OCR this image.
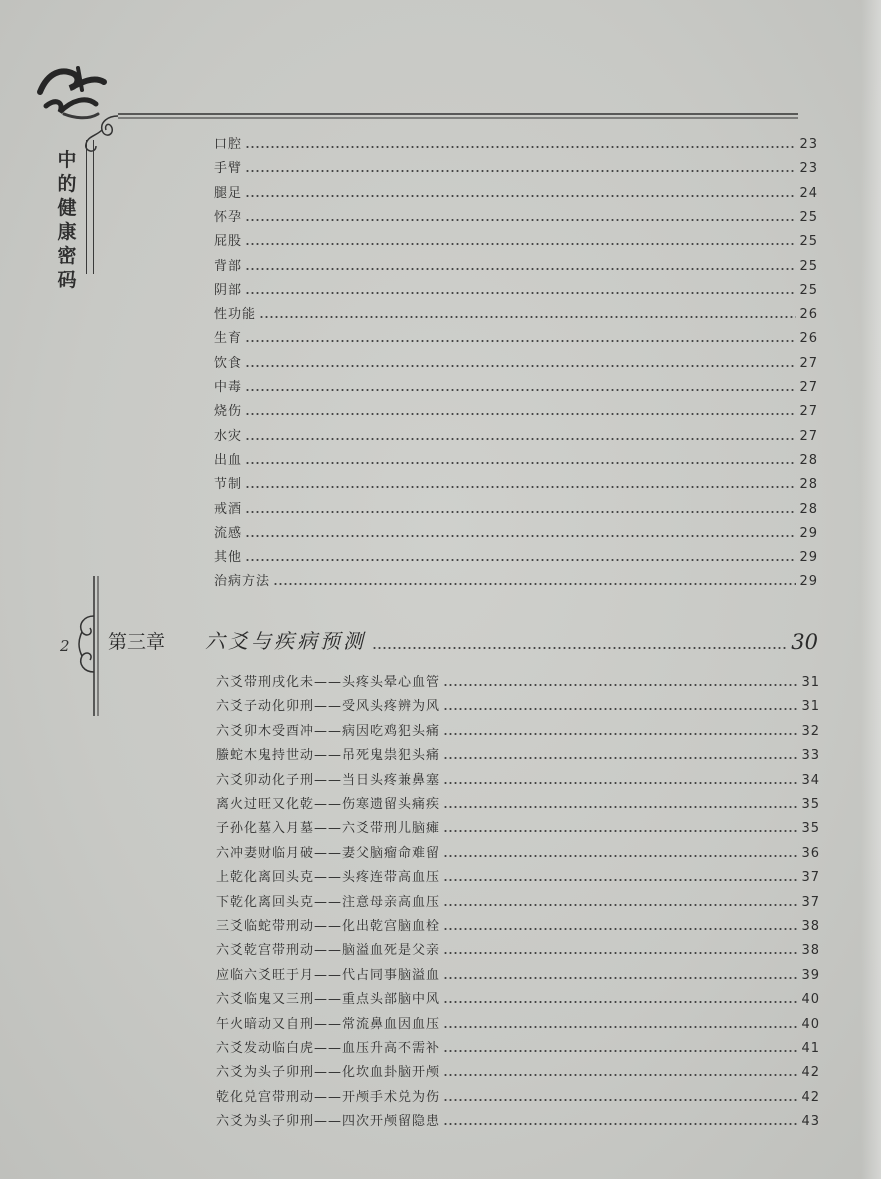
中的健康密码
2 第三章 六爻与疾病预测	30
口腔	23
手臂	23
腿足	24
怀孕	25
屁股	25
背部	25
阴部	25
性功能	26
生育	26
饮食	27
中毒	27
烧伤	27
水灾	27
出血	28
节制	28
戒酒	28
流感	29
其他	29
治病方法	29
六爻带刑戌化未——头疼头晕心血管	31
六爻子动化卯刑——受风头疼辨为风	31
六爻卯木受酉冲——病因吃鸡犯头痛	32
螣蛇木鬼持世动——吊死鬼祟犯头痛	33
六爻卯动化子刑——当日头疼兼鼻塞	34
离火过旺又化乾——伤寒遗留头痛疾	35
子孙化墓入月墓——六爻带刑儿脑瘫	35
六冲妻财临月破——妻父脑瘤命难留	36
上乾化离回头克——头疼连带高血压	37
下乾化离回头克——注意母亲高血压	37
三爻临蛇带刑动——化出乾宫脑血栓	38
六爻乾宫带刑动——脑溢血死是父亲	38
应临六爻旺于月——代占同事脑溢血	39
六爻临鬼又三刑——重点头部脑中风	40
午火暗动又自刑——常流鼻血因血压	40
六爻发动临白虎——血压升高不需补	41
六爻为头子卯刑——化坎血卦脑开颅	42
乾化兑宫带刑动——开颅手术兑为伤	42
六爻为头子卯刑——四次开颅留隐患	43
